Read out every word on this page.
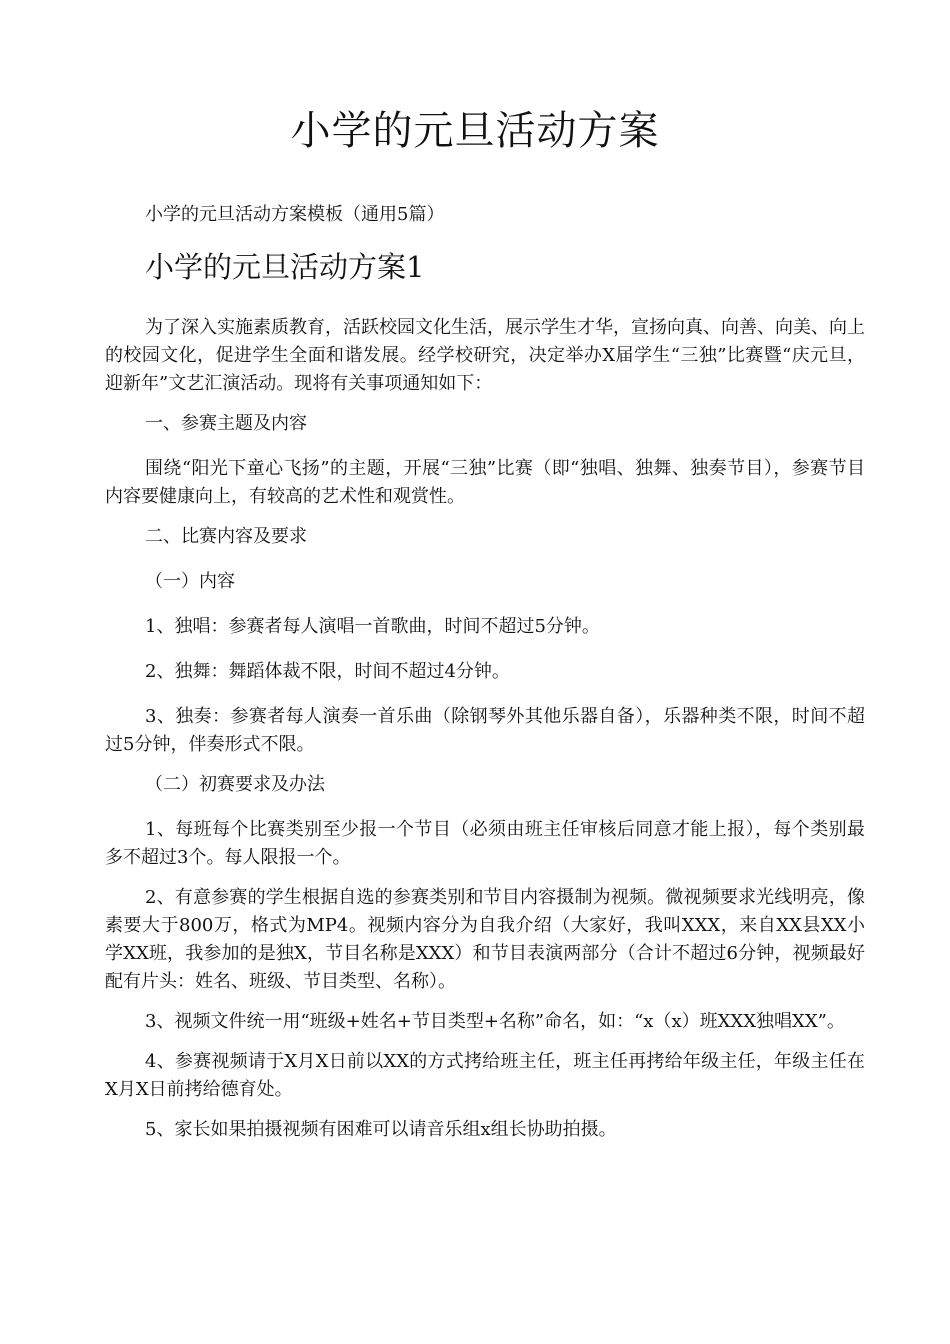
小学的元旦活动方案

小学的元旦活动方案模板（通用5篇）

小学的元旦活动方案1

为了深入实施素质教育，活跃校园文化生活，展示学生才华，宣扬向真、向善、向美、向上的校园文化，促进学生全面和谐发展。经学校研究，决定举办X届学生“三独”比赛暨“庆元旦，迎新年”文艺汇演活动。现将有关事项通知如下：

一、参赛主题及内容

围绕“阳光下童心飞扬”的主题，开展“三独”比赛（即“独唱、独舞、独奏节目），参赛节目内容要健康向上，有较高的艺术性和观赏性。

二、比赛内容及要求

（一）内容

1、独唱：参赛者每人演唱一首歌曲，时间不超过5分钟。

2、独舞：舞蹈体裁不限，时间不超过4分钟。

3、独奏：参赛者每人演奏一首乐曲（除钢琴外其他乐器自备），乐器种类不限，时间不超过5分钟，伴奏形式不限。

（二）初赛要求及办法

1、每班每个比赛类别至少报一个节目（必须由班主任审核后同意才能上报），每个类别最多不超过3个。每人限报一个。

2、有意参赛的学生根据自选的参赛类别和节目内容摄制为视频。微视频要求光线明亮，像素要大于800万，格式为MP4。视频内容分为自我介绍（大家好，我叫XXX，来自XX县XX小学XX班，我参加的是独X，节目名称是XXX）和节目表演两部分（合计不超过6分钟，视频最好配有片头：姓名、班级、节目类型、名称）。

3、视频文件统一用“班级+姓名+节目类型+名称”命名，如：“x（x）班XXX独唱XX”。

4、参赛视频请于X月X日前以XX的方式拷给班主任，班主任再拷给年级主任，年级主任在X月X日前拷给德育处。

5、家长如果拍摄视频有困难可以请音乐组x组长协助拍摄。
